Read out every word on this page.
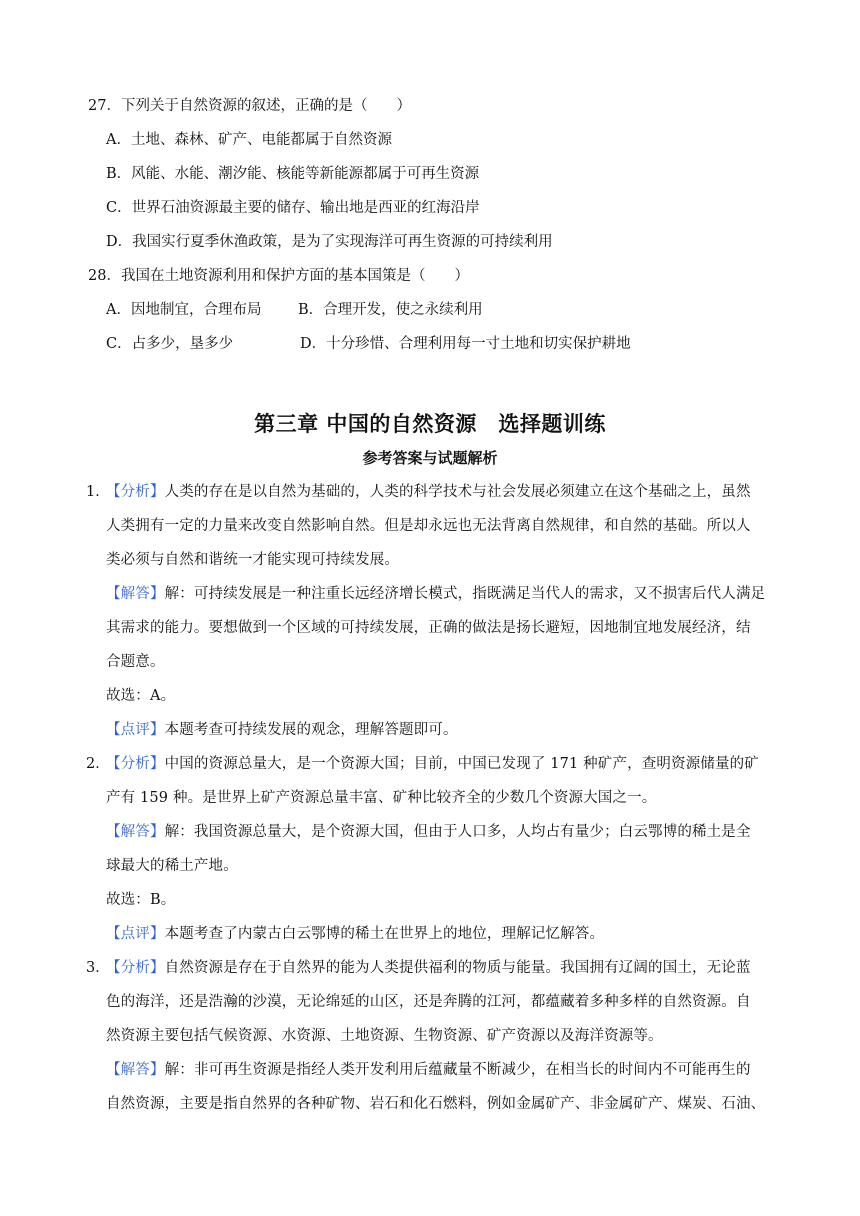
27．下列关于自然资源的叙述，正确的是（　　）
A．土地、森林、矿产、电能都属于自然资源
B．风能、水能、潮汐能、核能等新能源都属于可再生资源
C．世界石油资源最主要的储存、输出地是西亚的红海沿岸
D．我国实行夏季休渔政策，是为了实现海洋可再生资源的可持续利用
28．我国在土地资源利用和保护方面的基本国策是（　　）
A．因地制宜，合理布局	B．合理开发，使之永续利用
C．占多少，垦多少	D．十分珍惜、合理利用每一寸土地和切实保护耕地
第三章 中国的自然资源　选择题训练
参考答案与试题解析
1．
【分析】人类的存在是以自然为基础的，人类的科学技术与社会发展必须建立在这个基础之上，虽然
人类拥有一定的力量来改变自然影响自然。但是却永远也无法背离自然规律，和自然的基础。所以人
类必须与自然和谐统一才能实现可持续发展。
【解答】解：可持续发展是一种注重长远经济增长模式，指既满足当代人的需求，又不损害后代人满足
其需求的能力。要想做到一个区域的可持续发展，正确的做法是扬长避短，因地制宜地发展经济，结
合题意。
故选：A。
【点评】本题考查可持续发展的观念，理解答题即可。
2．
【分析】中国的资源总量大，是一个资源大国；目前，中国已发现了 171 种矿产，查明资源储量的矿
产有 159 种。是世界上矿产资源总量丰富、矿种比较齐全的少数几个资源大国之一。
【解答】解：我国资源总量大，是个资源大国，但由于人口多，人均占有量少；白云鄂博的稀土是全
球最大的稀土产地。
故选：B。
【点评】本题考查了内蒙古白云鄂博的稀土在世界上的地位，理解记忆解答。
3．
【分析】自然资源是存在于自然界的能为人类提供福利的物质与能量。我国拥有辽阔的国土，无论蓝
色的海洋，还是浩瀚的沙漠，无论绵延的山区，还是奔腾的江河，都蕴藏着多种多样的自然资源。自
然资源主要包括气候资源、水资源、土地资源、生物资源、矿产资源以及海洋资源等。
【解答】解：非可再生资源是指经人类开发利用后蕴藏量不断减少，在相当长的时间内不可能再生的
自然资源，主要是指自然界的各种矿物、岩石和化石燃料，例如金属矿产、非金属矿产、煤炭、石油、
